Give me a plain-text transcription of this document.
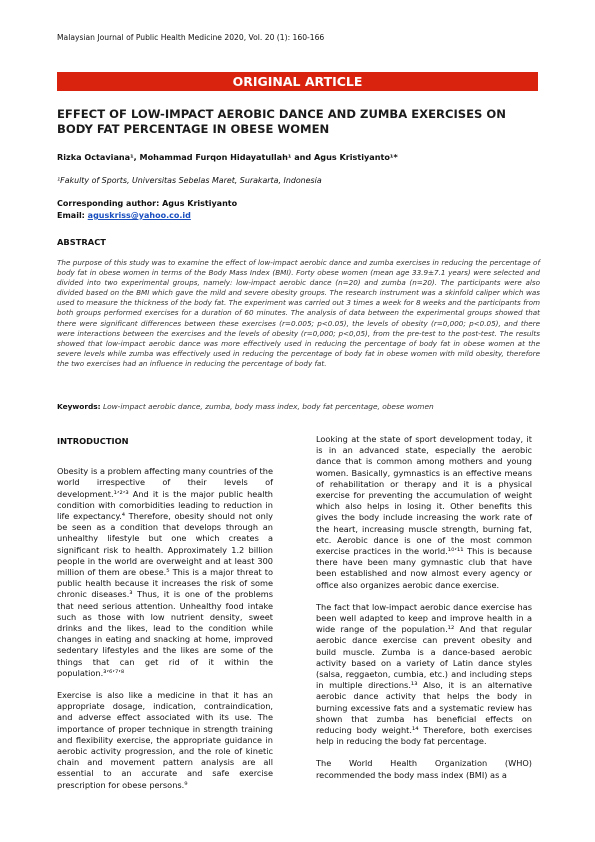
Malaysian Journal of Public Health Medicine 2020, Vol. 20 (1): 160-166
ORIGINAL ARTICLE
EFFECT OF LOW-IMPACT AEROBIC DANCE AND ZUMBA EXERCISES ON BODY FAT PERCENTAGE IN OBESE WOMEN
Rizka Octaviana¹, Mohammad Furqon Hidayatullah¹ and Agus Kristiyanto¹*
¹Fakulty of Sports, Universitas Sebelas Maret, Surakarta, Indonesia
Corresponding author: Agus Kristiyanto
Email: aguskriss@yahoo.co.id
ABSTRACT
The purpose of this study was to examine the effect of low-impact aerobic dance and zumba exercises in reducing the percentage of body fat in obese women in terms of the Body Mass Index (BMI). Forty obese women (mean age 33.9±7.1 years) were selected and divided into two experimental groups, namely: low-impact aerobic dance (n=20) and zumba (n=20). The participants were also divided based on the BMI which gave the mild and severe obesity groups. The research instrument was a skinfold caliper which was used to measure the thickness of the body fat. The experiment was carried out 3 times a week for 8 weeks and the participants from both groups performed exercises for a duration of 60 minutes. The analysis of data between the experimental groups showed that there were significant differences between these exercises (r=0.005; p<0.05), the levels of obesity (r=0,000; p<0.05), and there were interactions between the exercises and the levels of obesity (r=0,000; p<0,05), from the pre-test to the post-test. The results showed that low-impact aerobic dance was more effectively used in reducing the percentage of body fat in obese women at the severe levels while zumba was effectively used in reducing the percentage of body fat in obese women with mild obesity, therefore the two exercises had an influence in reducing the percentage of body fat.
Keywords: Low-impact aerobic dance, zumba, body mass index, body fat percentage, obese women
INTRODUCTION

Obesity is a problem affecting many countries of the world irrespective of their levels of development.¹ʼ²ʼ³ And it is the major public health condition with comorbidities leading to reduction in life expectancy.⁴ Therefore, obesity should not only be seen as a condition that develops through an unhealthy lifestyle but one which creates a significant risk to health. Approximately 1.2 billion people in the world are overweight and at least 300 million of them are obese.⁵ This is a major threat to public health because it increases the risk of some chronic diseases.³ Thus, it is one of the problems that need serious attention. Unhealthy food intake such as those with low nutrient density, sweet drinks and the likes, lead to the condition while changes in eating and snacking at home, improved sedentary lifestyles and the likes are some of the things that can get rid of it within the population.³ʼ⁶ʼ⁷ʼ⁸

Exercise is also like a medicine in that it has an appropriate dosage, indication, contraindication, and adverse effect associated with its use. The importance of proper technique in strength training and flexibility exercise, the appropriate guidance in aerobic activity progression, and the role of kinetic chain and movement pattern analysis are all essential to an accurate and safe exercise prescription for obese persons.⁹

Looking at the state of sport development today, it is in an advanced state, especially the aerobic dance that is common among mothers and young women. Basically, gymnastics is an effective means of rehabilitation or therapy and it is a physical exercise for preventing the accumulation of weight which also helps in losing it. Other benefits this gives the body include increasing the work rate of the heart, increasing muscle strength, burning fat, etc. Aerobic dance is one of the most common exercise practices in the world.¹⁰ʼ¹¹ This is because there have been many gymnastic club that have been established and now almost every agency or office also organizes aerobic dance exercise.

The fact that low-impact aerobic dance exercise has been well adapted to keep and improve health in a wide range of the population.¹² And that regular aerobic dance exercise can prevent obesity and build muscle. Zumba is a dance-based aerobic activity based on a variety of Latin dance styles (salsa, reggaeton, cumbia, etc.) and including steps in multiple directions.¹³ Also, it is an alternative aerobic dance activity that helps the body in burning excessive fats and a systematic review has shown that zumba has beneficial effects on reducing body weight.¹⁴ Therefore, both exercises help in reducing the body fat percentage.

The World Health Organization (WHO) recommended the body mass index (BMI) as a
